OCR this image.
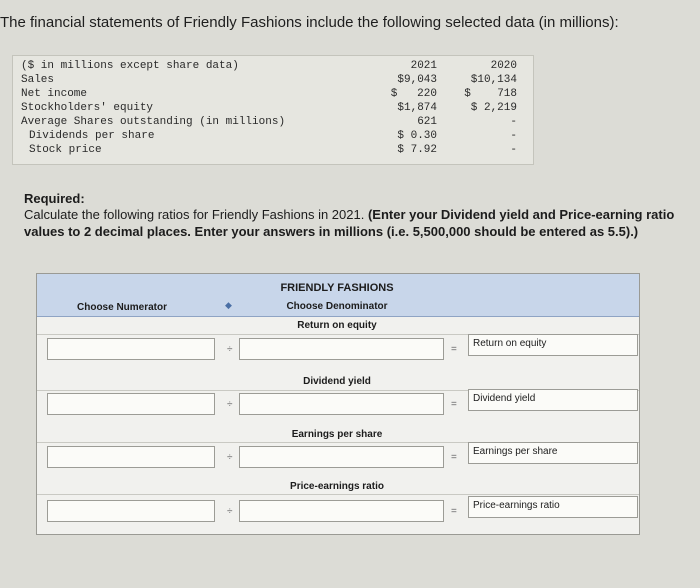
The financial statements of Friendly Fashions include the following selected data (in millions):
($ in millions except share data)	2021	2020
Sales	$9,043	$10,134
Net income	$   220	$    718
Stockholders' equity	$1,874	$ 2,219
Average Shares outstanding (in millions)	621	-
Dividends per share	$ 0.30	-
Stock price	$ 7.92	-
Required:
Calculate the following ratios for Friendly Fashions in 2021. (Enter your Dividend yield and Price-earning ratio values to 2 decimal places. Enter your answers in millions (i.e. 5,500,000 should be entered as 5.5).)
FRIENDLY FASHIONS
Choose Numerator	◆	Choose Denominator
Return on equity
÷	=
Return on equity
Dividend yield
÷	=
Dividend yield
Earnings per share
÷	=
Earnings per share
Price-earnings ratio
÷	=
Price-earnings ratio
